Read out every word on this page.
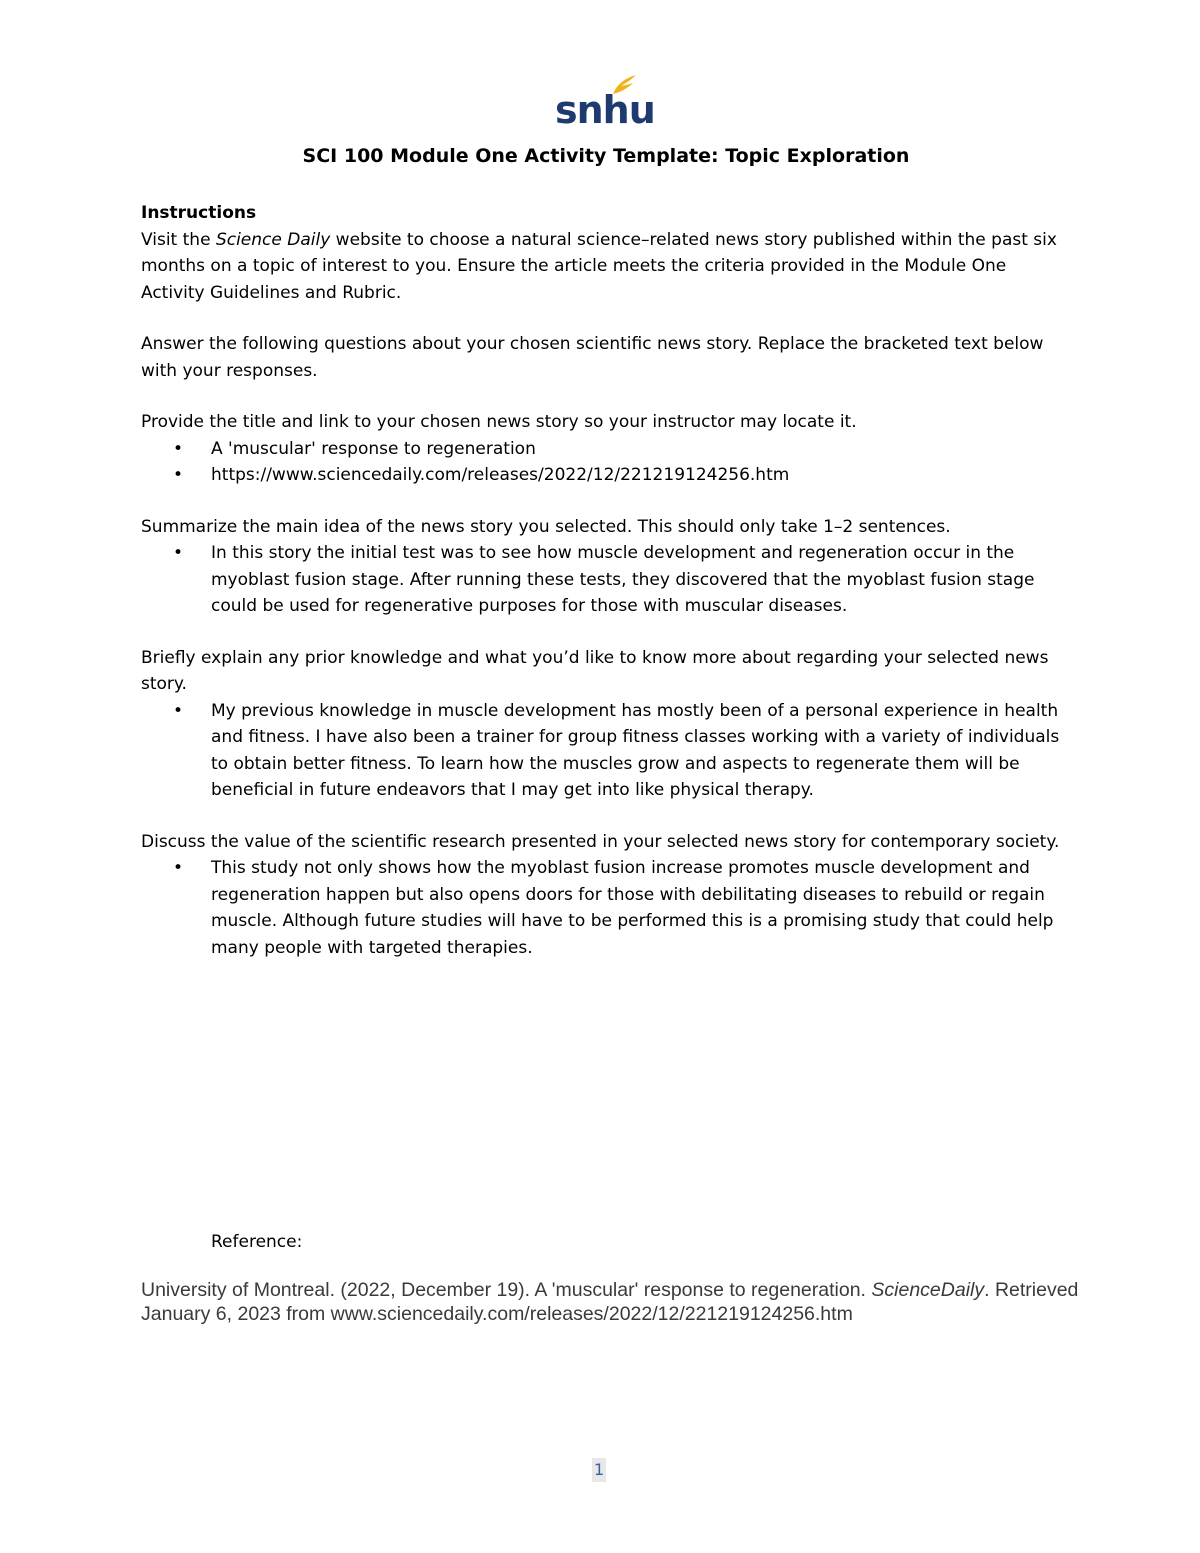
snhu

SCI 100 Module One Activity Template: Topic Exploration

Instructions

Visit the Science Daily website to choose a natural science–related news story published within the past six months on a topic of interest to you. Ensure the article meets the criteria provided in the Module One Activity Guidelines and Rubric.

Answer the following questions about your chosen scientific news story. Replace the bracketed text below with your responses.

Provide the title and link to your chosen news story so your instructor may locate it.

• A 'muscular' response to regeneration
• https://www.sciencedaily.com/releases/2022/12/221219124256.htm

Summarize the main idea of the news story you selected. This should only take 1–2 sentences.

• In this story the initial test was to see how muscle development and regeneration occur in the myoblast fusion stage. After running these tests, they discovered that the myoblast fusion stage could be used for regenerative purposes for those with muscular diseases.

Briefly explain any prior knowledge and what you’d like to know more about regarding your selected news story.

• My previous knowledge in muscle development has mostly been of a personal experience in health and fitness. I have also been a trainer for group fitness classes working with a variety of individuals to obtain better fitness. To learn how the muscles grow and aspects to regenerate them will be beneficial in future endeavors that I may get into like physical therapy.

Discuss the value of the scientific research presented in your selected news story for contemporary society.

• This study not only shows how the myoblast fusion increase promotes muscle development and regeneration happen but also opens doors for those with debilitating diseases to rebuild or regain muscle. Although future studies will have to be performed this is a promising study that could help many people with targeted therapies.
Reference:
University of Montreal. (2022, December 19). A 'muscular' response to regeneration. ScienceDaily. Retrieved January 6, 2023 from www.sciencedaily.com/releases/2022/12/221219124256.htm
1
